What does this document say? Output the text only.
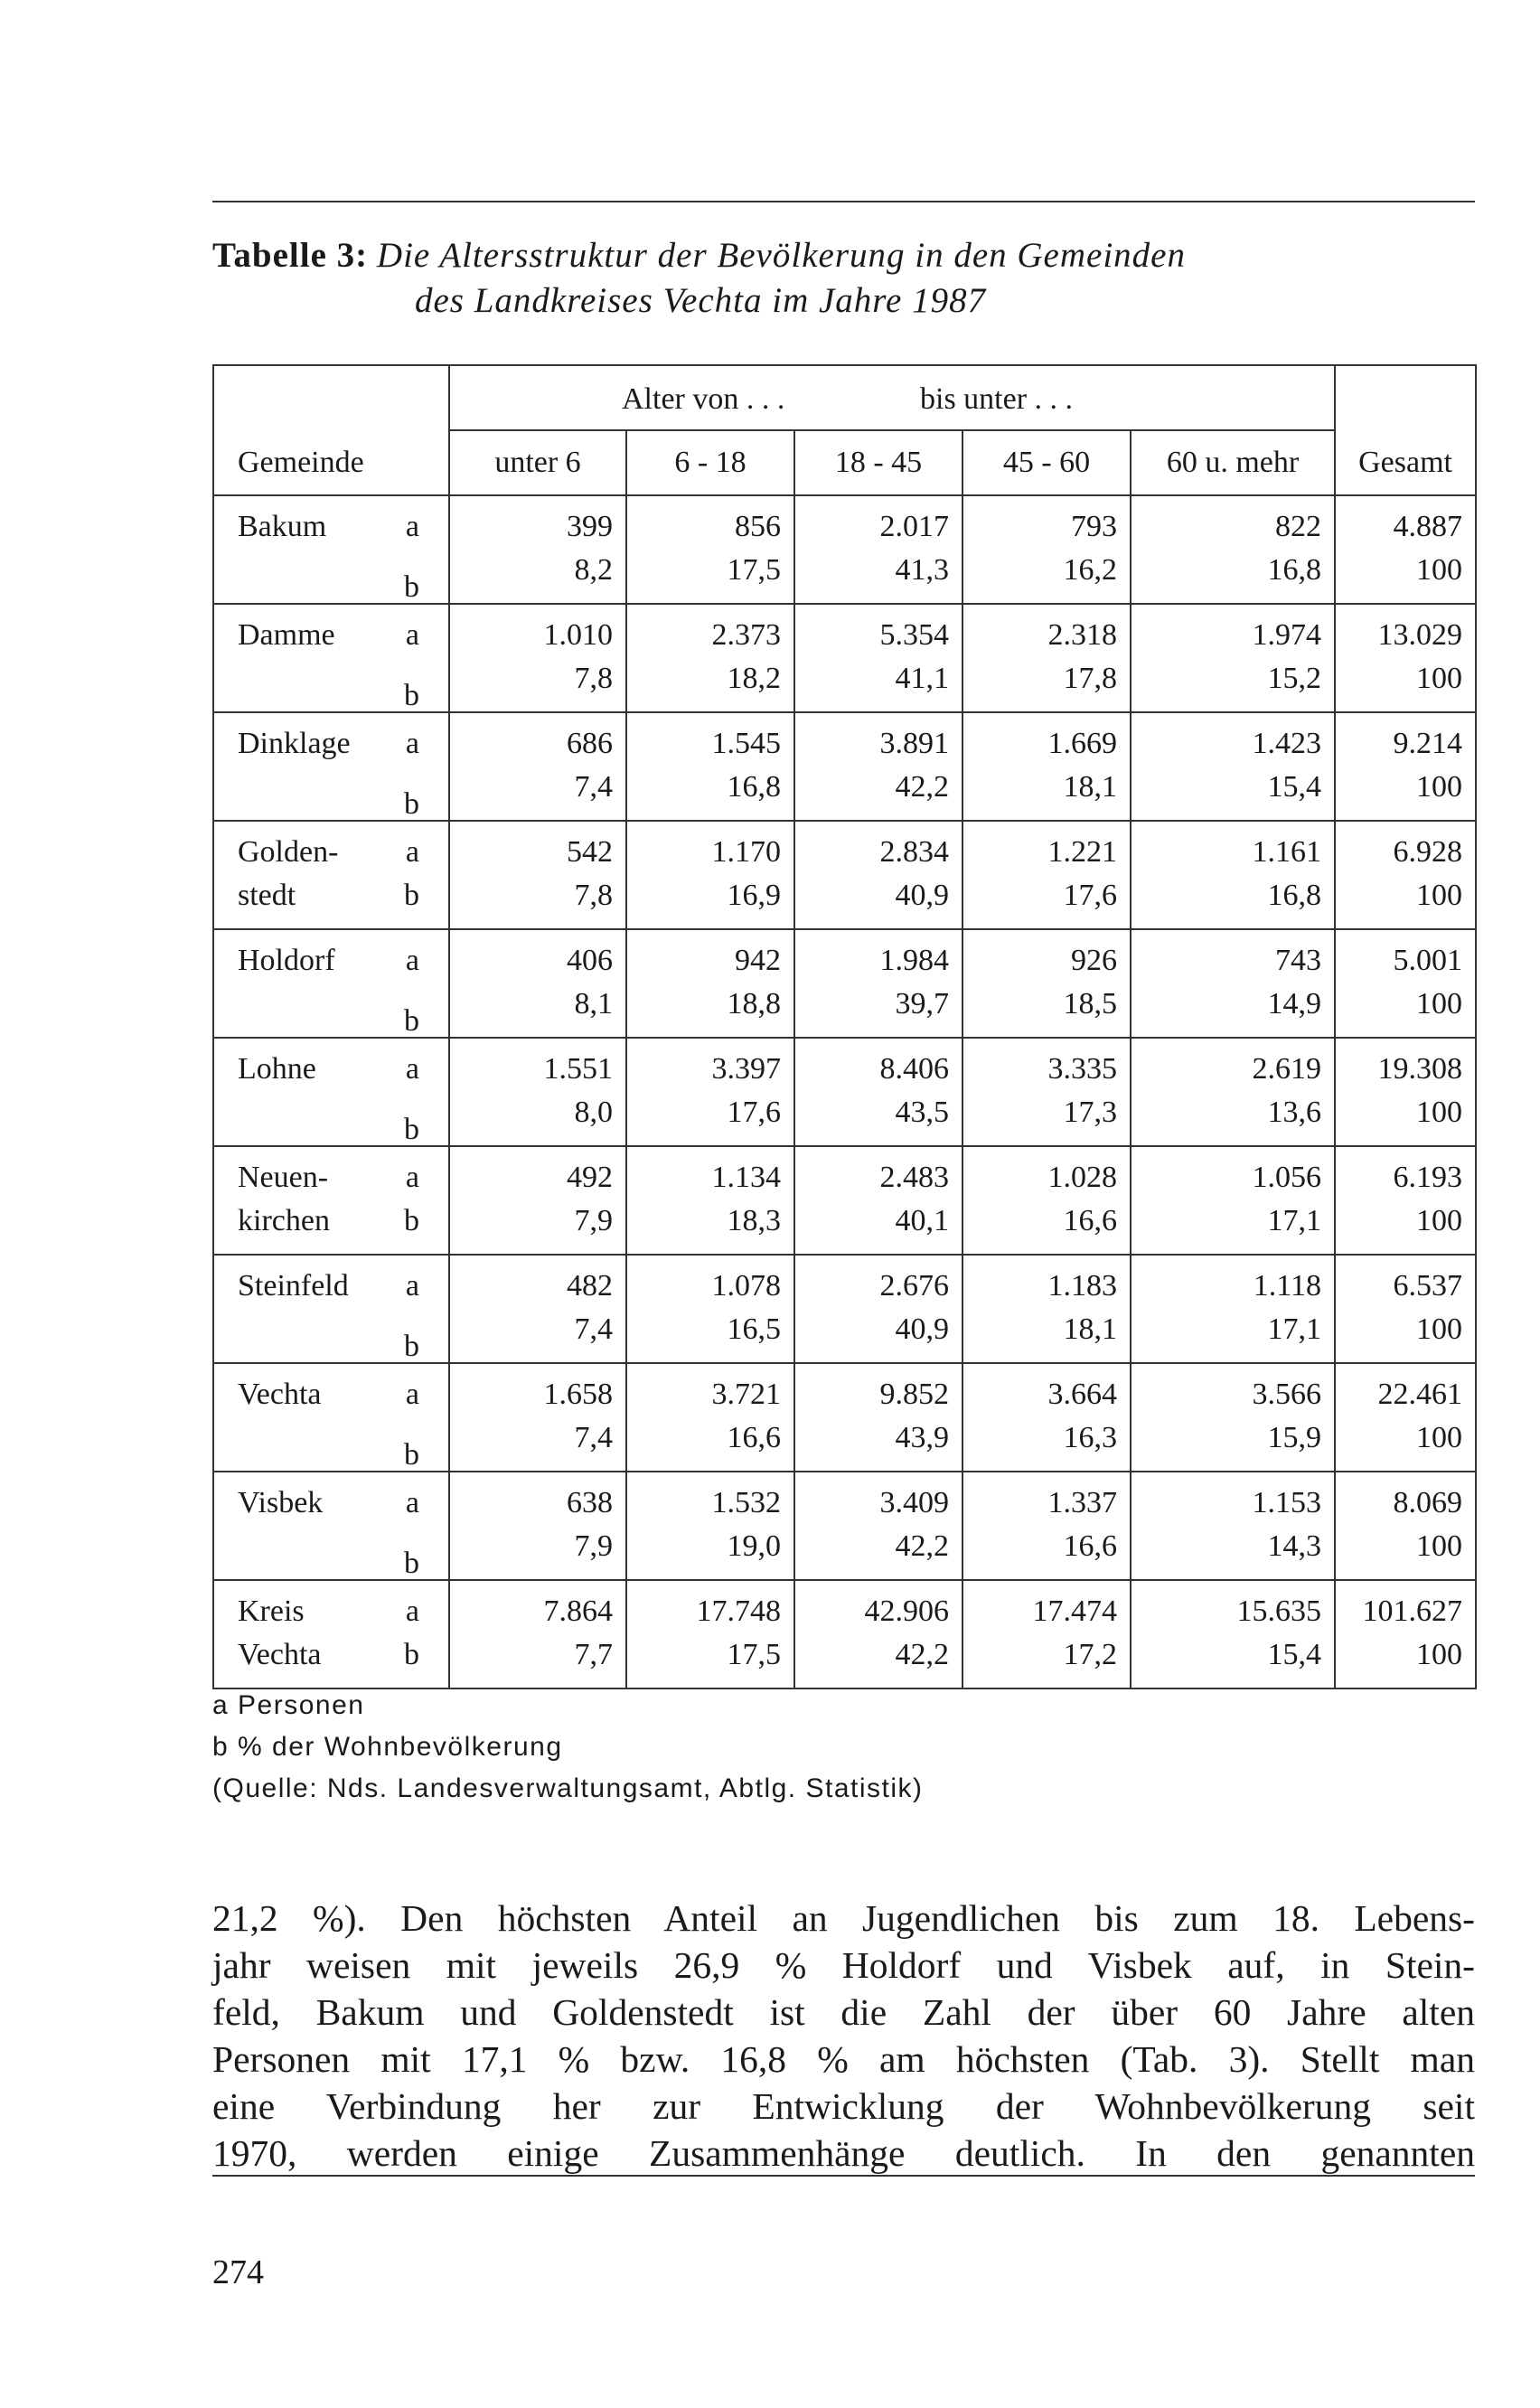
Tabelle 3: Die Altersstruktur der Bevölkerung in den Gemeinden
des Landkreises Vechta im Jahre 1987

	Alter von . . . bis unter . . .					

Gemeinde	unter 6	6 - 18	18 - 45	45 - 60	60 u. mehr	Gesamt
Bakum a	399	856	2.017	793	822	4.887

b	8,2	17,5	41,3	16,2	16,8	100
Damme a	1.010	2.373	5.354	2.318	1.974	13.029

b	7,8	18,2	41,1	17,8	15,2	100
Dinklage a	686	1.545	3.891	1.669	1.423	9.214

b	7,4	16,8	42,2	18,1	15,4	100
Golden- a	542	1.170	2.834	1.221	1.161	6.928
stedt b	7,8	16,9	40,9	17,6	16,8	100
Holdorf a	406	942	1.984	926	743	5.001

b	8,1	18,8	39,7	18,5	14,9	100
Lohne a	1.551	3.397	8.406	3.335	2.619	19.308

b	8,0	17,6	43,5	17,3	13,6	100
Neuen- a	492	1.134	2.483	1.028	1.056	6.193
kirchen b	7,9	18,3	40,1	16,6	17,1	100
Steinfeld a	482	1.078	2.676	1.183	1.118	6.537

b	7,4	16,5	40,9	18,1	17,1	100
Vechta a	1.658	3.721	9.852	3.664	3.566	22.461

b	7,4	16,6	43,9	16,3	15,9	100
Visbek a	638	1.532	3.409	1.337	1.153	8.069

b	7,9	19,0	42,2	16,6	14,3	100
Kreis a	7.864	17.748	42.906	17.474	15.635	101.627
Vechta b	7,7	17,5	42,2	17,2	15,4	100
a Personen
b % der Wohnbevölkerung
(Quelle: Nds. Landesverwaltungsamt, Abtlg. Statistik)
21,2 %). Den höchsten Anteil an Jugendlichen bis zum 18. Lebens-
jahr weisen mit jeweils 26,9 % Holdorf und Visbek auf, in Stein-
feld, Bakum und Goldenstedt ist die Zahl der über 60 Jahre alten
Personen mit 17,1 % bzw. 16,8 % am höchsten (Tab. 3). Stellt man
eine Verbindung her zur Entwicklung der Wohnbevölkerung seit
1970, werden einige Zusammenhänge deutlich. In den genannten
274
